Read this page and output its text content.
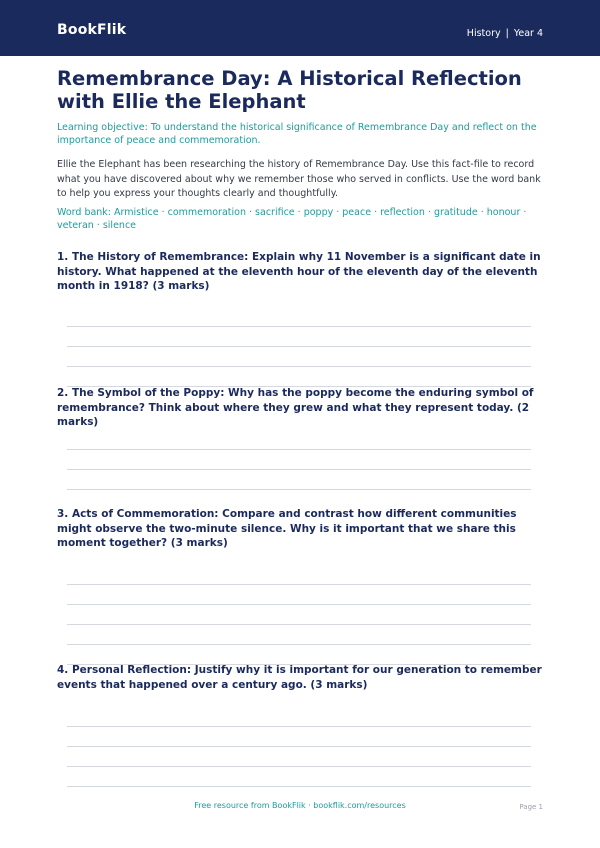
BookFlik	History | Year 4
Remembrance Day: A Historical Reflection with Ellie the Elephant
Learning objective: To understand the historical significance of Remembrance Day and reflect on the importance of peace and commemoration.
Ellie the Elephant has been researching the history of Remembrance Day. Use this fact-file to record what you have discovered about why we remember those who served in conflicts. Use the word bank to help you express your thoughts clearly and thoughtfully.
Word bank: Armistice · commemoration · sacrifice · poppy · peace · reflection · gratitude · honour · veteran · silence
1. The History of Remembrance: Explain why 11 November is a significant date in history. What happened at the eleventh hour of the eleventh day of the eleventh month in 1918? (3 marks)
2. The Symbol of the Poppy: Why has the poppy become the enduring symbol of remembrance? Think about where they grew and what they represent today. (2 marks)
3. Acts of Commemoration: Compare and contrast how different communities might observe the two-minute silence. Why is it important that we share this moment together? (3 marks)
4. Personal Reflection: Justify why it is important for our generation to remember events that happened over a century ago. (3 marks)
Free resource from BookFlik · bookflik.com/resources	Page 1
